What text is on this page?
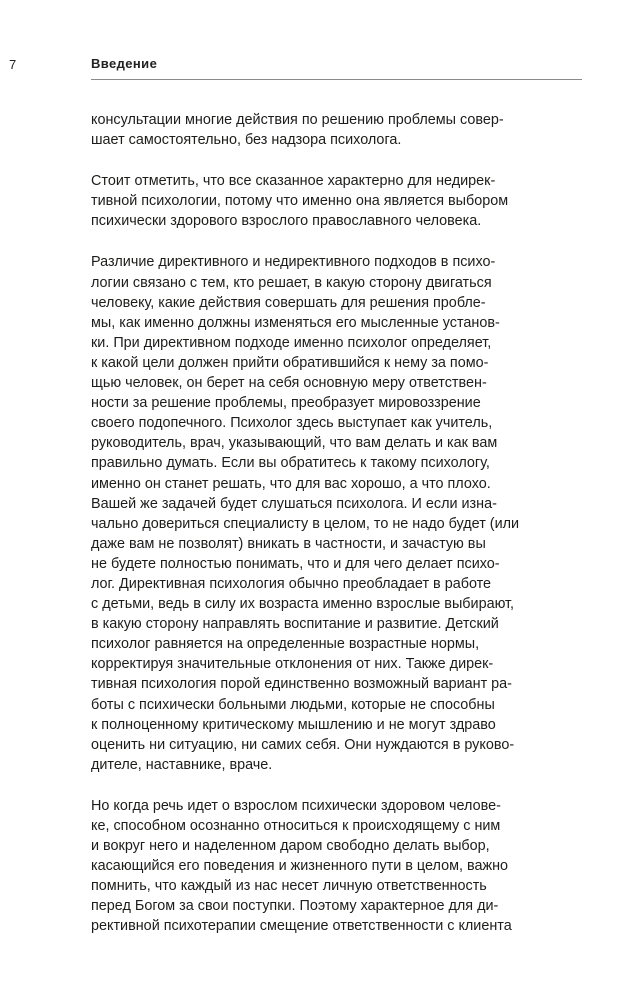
7	Введение
консультации многие действия по решению проблемы совер-
шает самостоятельно, без надзора психолога.
Стоит отметить, что все сказанное характерно для недирек-
тивной психологии, потому что именно она является выбором
психически здорового взрослого православного человека.
Различие директивного и недирективного подходов в психо-
логии связано с тем, кто решает, в какую сторону двигаться
человеку, какие действия совершать для решения пробле-
мы, как именно должны изменяться его мысленные установ-
ки. При директивном подходе именно психолог определяет,
к какой цели должен прийти обратившийся к нему за помо-
щью человек, он берет на себя основную меру ответствен-
ности за решение проблемы, преобразует мировоззрение
своего подопечного. Психолог здесь выступает как учитель,
руководитель, врач, указывающий, что вам делать и как вам
правильно думать. Если вы обратитесь к такому психологу,
именно он станет решать, что для вас хорошо, а что плохо.
Вашей же задачей будет слушаться психолога. И если изна-
чально довериться специалисту в целом, то не надо будет (или
даже вам не позволят) вникать в частности, и зачастую вы
не будете полностью понимать, что и для чего делает психо-
лог. Директивная психология обычно преобладает в работе
с детьми, ведь в силу их возраста именно взрослые выбирают,
в какую сторону направлять воспитание и развитие. Детский
психолог равняется на определенные возрастные нормы,
корректируя значительные отклонения от них. Также дирек-
тивная психология порой единственно возможный вариант ра-
боты с психически больными людьми, которые не способны
к полноценному критическому мышлению и не могут здраво
оценить ни ситуацию, ни самих себя. Они нуждаются в руково-
дителе, наставнике, враче.
Но когда речь идет о взрослом психически здоровом челове-
ке, способном осознанно относиться к происходящему с ним
и вокруг него и наделенном даром свободно делать выбор,
касающийся его поведения и жизненного пути в целом, важно
помнить, что каждый из нас несет личную ответственность
перед Богом за свои поступки. Поэтому характерное для ди-
рективной психотерапии смещение ответственности с клиента
